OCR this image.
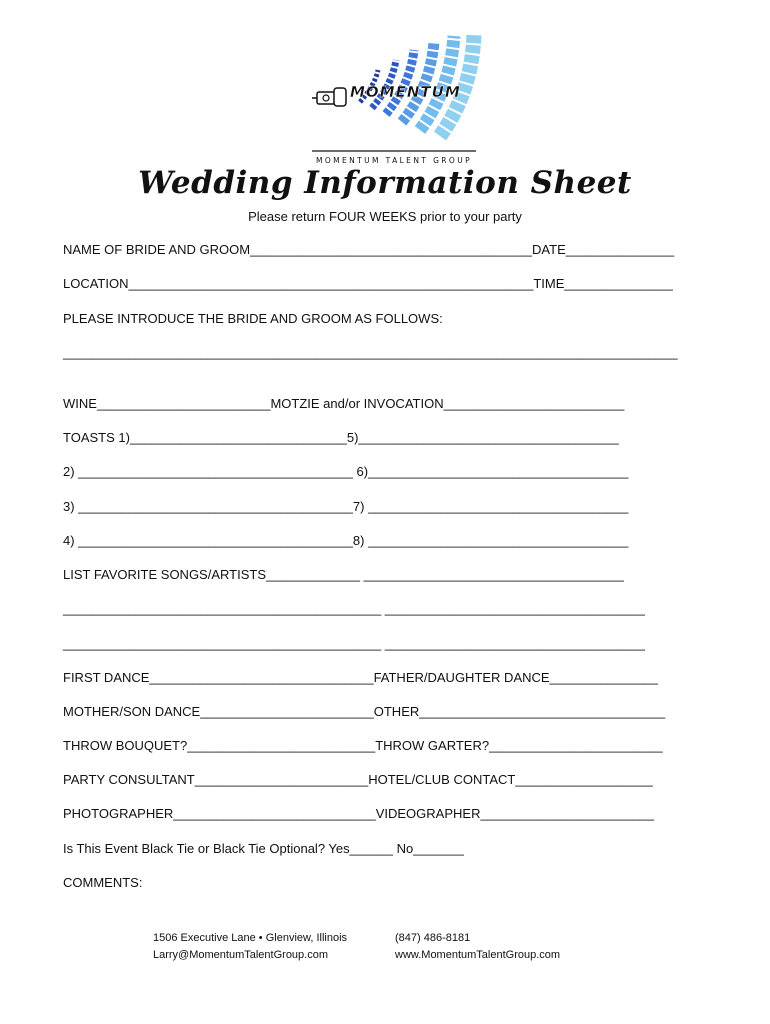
MOMENTUM
MOMENTUM TALENT GROUP
Wedding Information Sheet
Please return FOUR WEEKS prior to your party
NAME OF BRIDE AND GROOM_______________________________________DATE_______________
LOCATION________________________________________________________TIME_______________
PLEASE INTRODUCE THE BRIDE AND GROOM AS FOLLOWS:
_____________________________________________________________________________________
WINE________________________MOTZIE and/or INVOCATION_________________________
TOASTS 1)______________________________5)____________________________________
2) ______________________________________ 6)____________________________________
3) ______________________________________7) ____________________________________
4) ______________________________________8) ____________________________________
LIST FAVORITE SONGS/ARTISTS_____________ ____________________________________
____________________________________________ ____________________________________
____________________________________________ ____________________________________
FIRST DANCE_______________________________FATHER/DAUGHTER DANCE_______________
MOTHER/SON DANCE________________________OTHER__________________________________
THROW BOUQUET?__________________________THROW GARTER?________________________
PARTY CONSULTANT________________________HOTEL/CLUB CONTACT___________________
PHOTOGRAPHER____________________________VIDEOGRAPHER________________________
Is This Event Black Tie or Black Tie Optional? Yes______ No_______
COMMENTS:
1506 Executive Lane • Glenview, Illinois
Larry@MomentumTalentGroup.com
(847) 486-8181
www.MomentumTalentGroup.com
